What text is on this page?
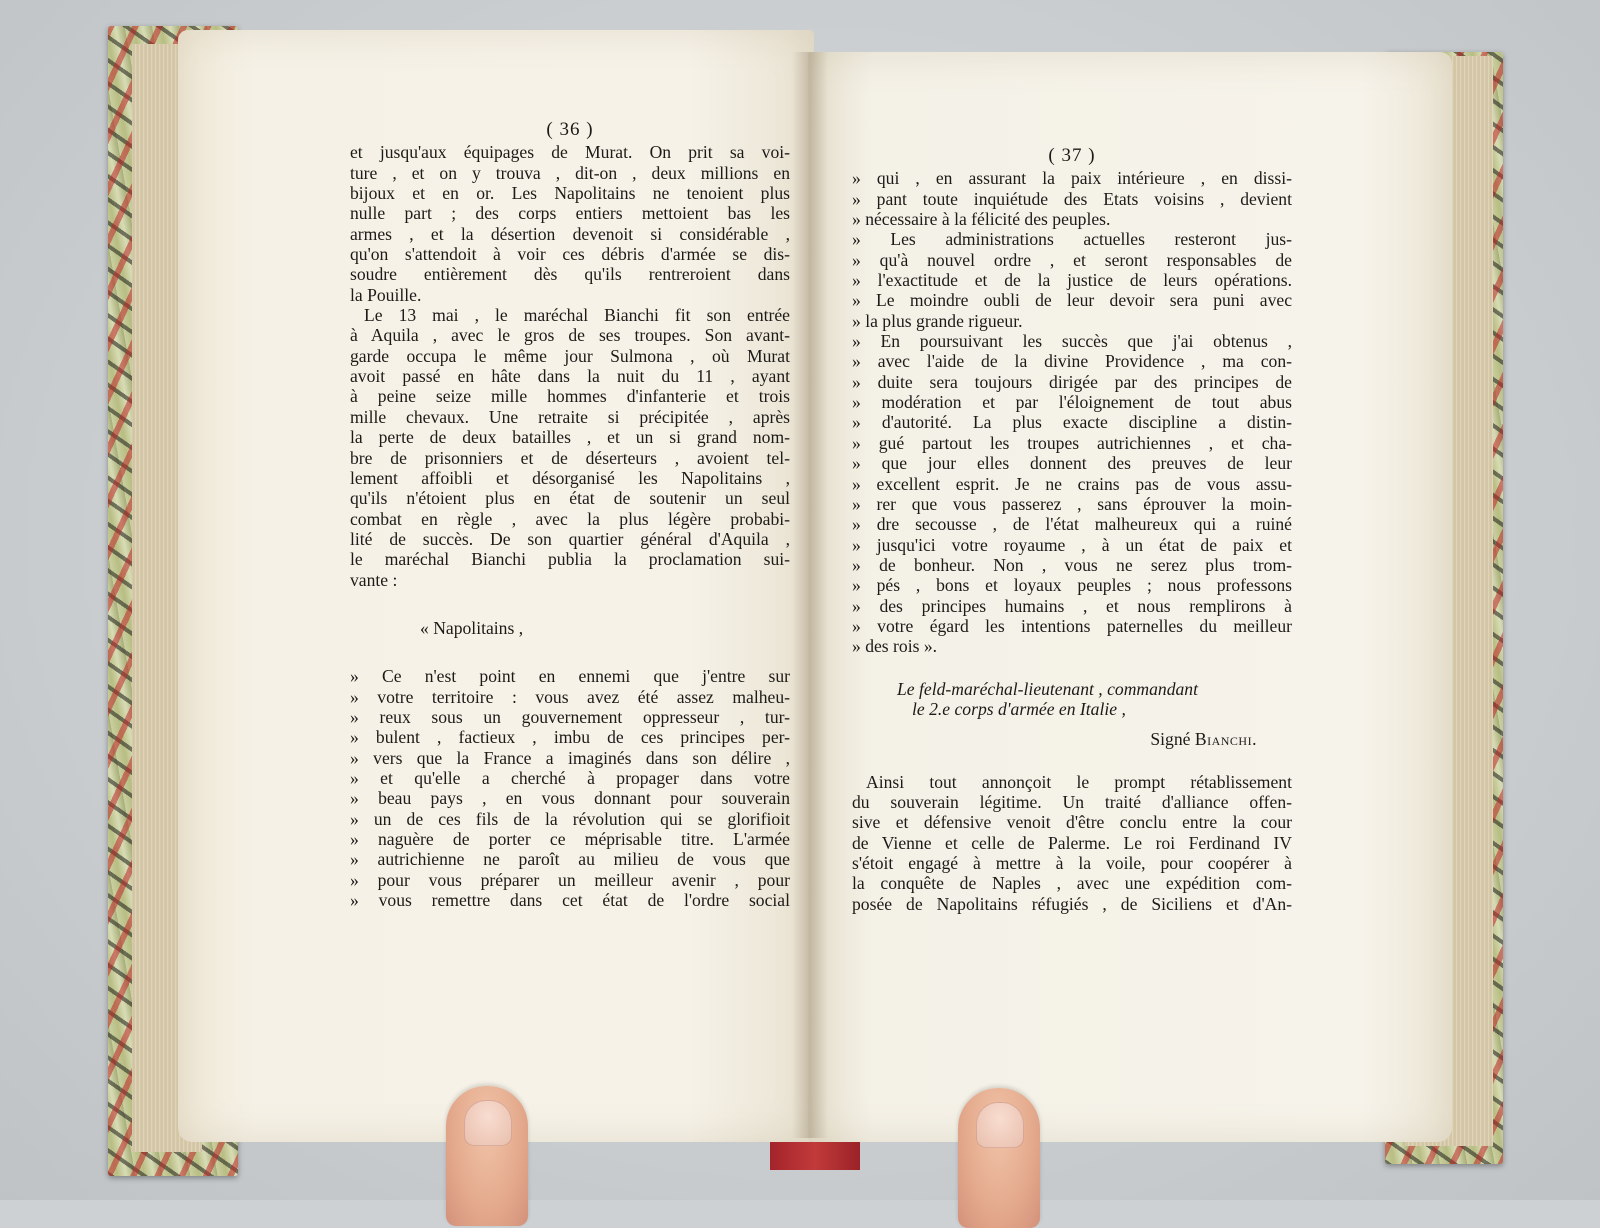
( 36 )
et jusqu'aux équipages de Murat. On prit sa voi-
ture , et on y trouva , dit-on , deux millions en
bijoux et en or. Les Napolitains ne tenoient plus
nulle part ; des corps entiers mettoient bas les
armes , et la désertion devenoit si considérable ,
qu'on s'attendoit à voir ces débris d'armée se dis-
soudre entièrement dès qu'ils rentreroient dans
la Pouille.
Le 13 mai , le maréchal Bianchi fit son entrée
à Aquila , avec le gros de ses troupes. Son avant-
garde occupa le même jour Sulmona , où Murat
avoit passé en hâte dans la nuit du 11 , ayant
à peine seize mille hommes d'infanterie et trois
mille chevaux. Une retraite si précipitée , après
la perte de deux batailles , et un si grand nom-
bre de prisonniers et de déserteurs , avoient tel-
lement affoibli et désorganisé les Napolitains ,
qu'ils n'étoient plus en état de soutenir un seul
combat en règle , avec la plus légère probabi-
lité de succès. De son quartier général d'Aquila ,
le maréchal Bianchi publia la proclamation sui-
vante :
« Napolitains ,
» Ce n'est point en ennemi que j'entre sur
» votre territoire : vous avez été assez malheu-
» reux sous un gouvernement oppresseur , tur-
» bulent , factieux , imbu de ces principes per-
» vers que la France a imaginés dans son délire ,
» et qu'elle a cherché à propager dans votre
» beau pays , en vous donnant pour souverain
» un de ces fils de la révolution qui se glorifioit
» naguère de porter ce méprisable titre. L'armée
» autrichienne ne paroît au milieu de vous que
» pour vous préparer un meilleur avenir , pour
» vous remettre dans cet état de l'ordre social
( 37 )
» qui , en assurant la paix intérieure , en dissi-
» pant toute inquiétude des Etats voisins , devient
» nécessaire à la félicité des peuples.
» Les administrations actuelles resteront jus-
» qu'à nouvel ordre , et seront responsables de
» l'exactitude et de la justice de leurs opérations.
» Le moindre oubli de leur devoir sera puni avec
» la plus grande rigueur.
» En poursuivant les succès que j'ai obtenus ,
» avec l'aide de la divine Providence , ma con-
» duite sera toujours dirigée par des principes de
» modération et par l'éloignement de tout abus
» d'autorité. La plus exacte discipline a distin-
» gué partout les troupes autrichiennes , et cha-
» que jour elles donnent des preuves de leur
» excellent esprit. Je ne crains pas de vous assu-
» rer que vous passerez , sans éprouver la moin-
» dre secousse , de l'état malheureux qui a ruiné
» jusqu'ici votre royaume , à un état de paix et
» de bonheur. Non , vous ne serez plus trom-
» pés , bons et loyaux peuples ; nous professons
» des principes humains , et nous remplirons à
» votre égard les intentions paternelles du meilleur
» des rois ».
Le feld-maréchal-lieutenant , commandant
le 2.e corps d'armée en Italie ,
Signé Bianchi.
Ainsi tout annonçoit le prompt rétablissement
du souverain légitime. Un traité d'alliance offen-
sive et défensive venoit d'être conclu entre la cour
de Vienne et celle de Palerme. Le roi Ferdinand IV
s'étoit engagé à mettre à la voile, pour coopérer à
la conquête de Naples , avec une expédition com-
posée de Napolitains réfugiés , de Siciliens et d'An-
